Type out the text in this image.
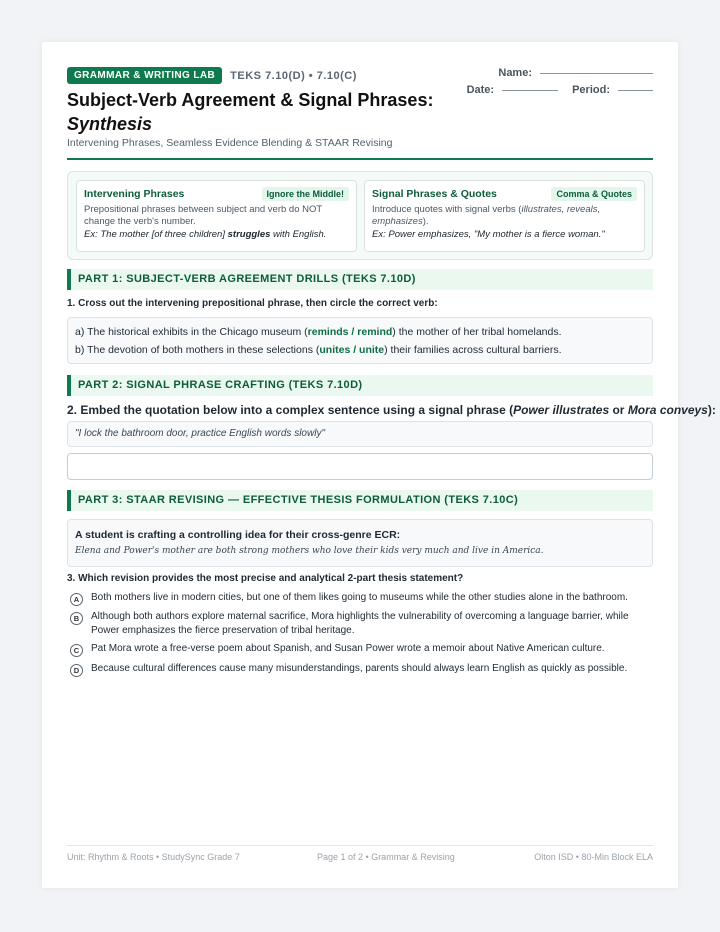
GRAMMAR & WRITING LAB	TEKS 7.10(D) • 7.10(C)
Subject-Verb Agreement & Signal Phrases:
Synthesis
Intervening Phrases, Seamless Evidence Blending & STAAR Revising
Name:
Date:	Period:
Intervening Phrases	Ignore the Middle!
Prepositional phrases between subject and verb do NOT change the verb's number.
Ex: The mother [of three children] struggles with English.
Signal Phrases & Quotes	Comma & Quotes
Introduce quotes with signal verbs (illustrates, reveals, emphasizes).
Ex: Power emphasizes, "My mother is a fierce woman."
PART 1: SUBJECT-VERB AGREEMENT DRILLS (TEKS 7.10D)
1. Cross out the intervening prepositional phrase, then circle the correct verb:
a) The historical exhibits in the Chicago museum (reminds / remind) the mother of her tribal homelands.
b) The devotion of both mothers in these selections (unites / unite) their families across cultural barriers.
PART 2: SIGNAL PHRASE CRAFTING (TEKS 7.10D)
2. Embed the quotation below into a complex sentence using a signal phrase (Power illustrates or Mora conveys):
"I lock the bathroom door, practice English words slowly"
PART 3: STAAR REVISING — EFFECTIVE THESIS FORMULATION (TEKS 7.10C)
A student is crafting a controlling idea for their cross-genre ECR:
Elena and Power's mother are both strong mothers who love their kids very much and live in America.
3. Which revision provides the most precise and analytical 2-part thesis statement?
A	Both mothers live in modern cities, but one of them likes going to museums while the other studies alone in the bathroom.
B	Although both authors explore maternal sacrifice, Mora highlights the vulnerability of overcoming a language barrier, while Power emphasizes the fierce preservation of tribal heritage.
C	Pat Mora wrote a free-verse poem about Spanish, and Susan Power wrote a memoir about Native American culture.
D	Because cultural differences cause many misunderstandings, parents should always learn English as quickly as possible.
Unit: Rhythm & Roots • StudySync Grade 7	Page 1 of 2 • Grammar & Revising	Olton ISD • 80-Min Block ELA
